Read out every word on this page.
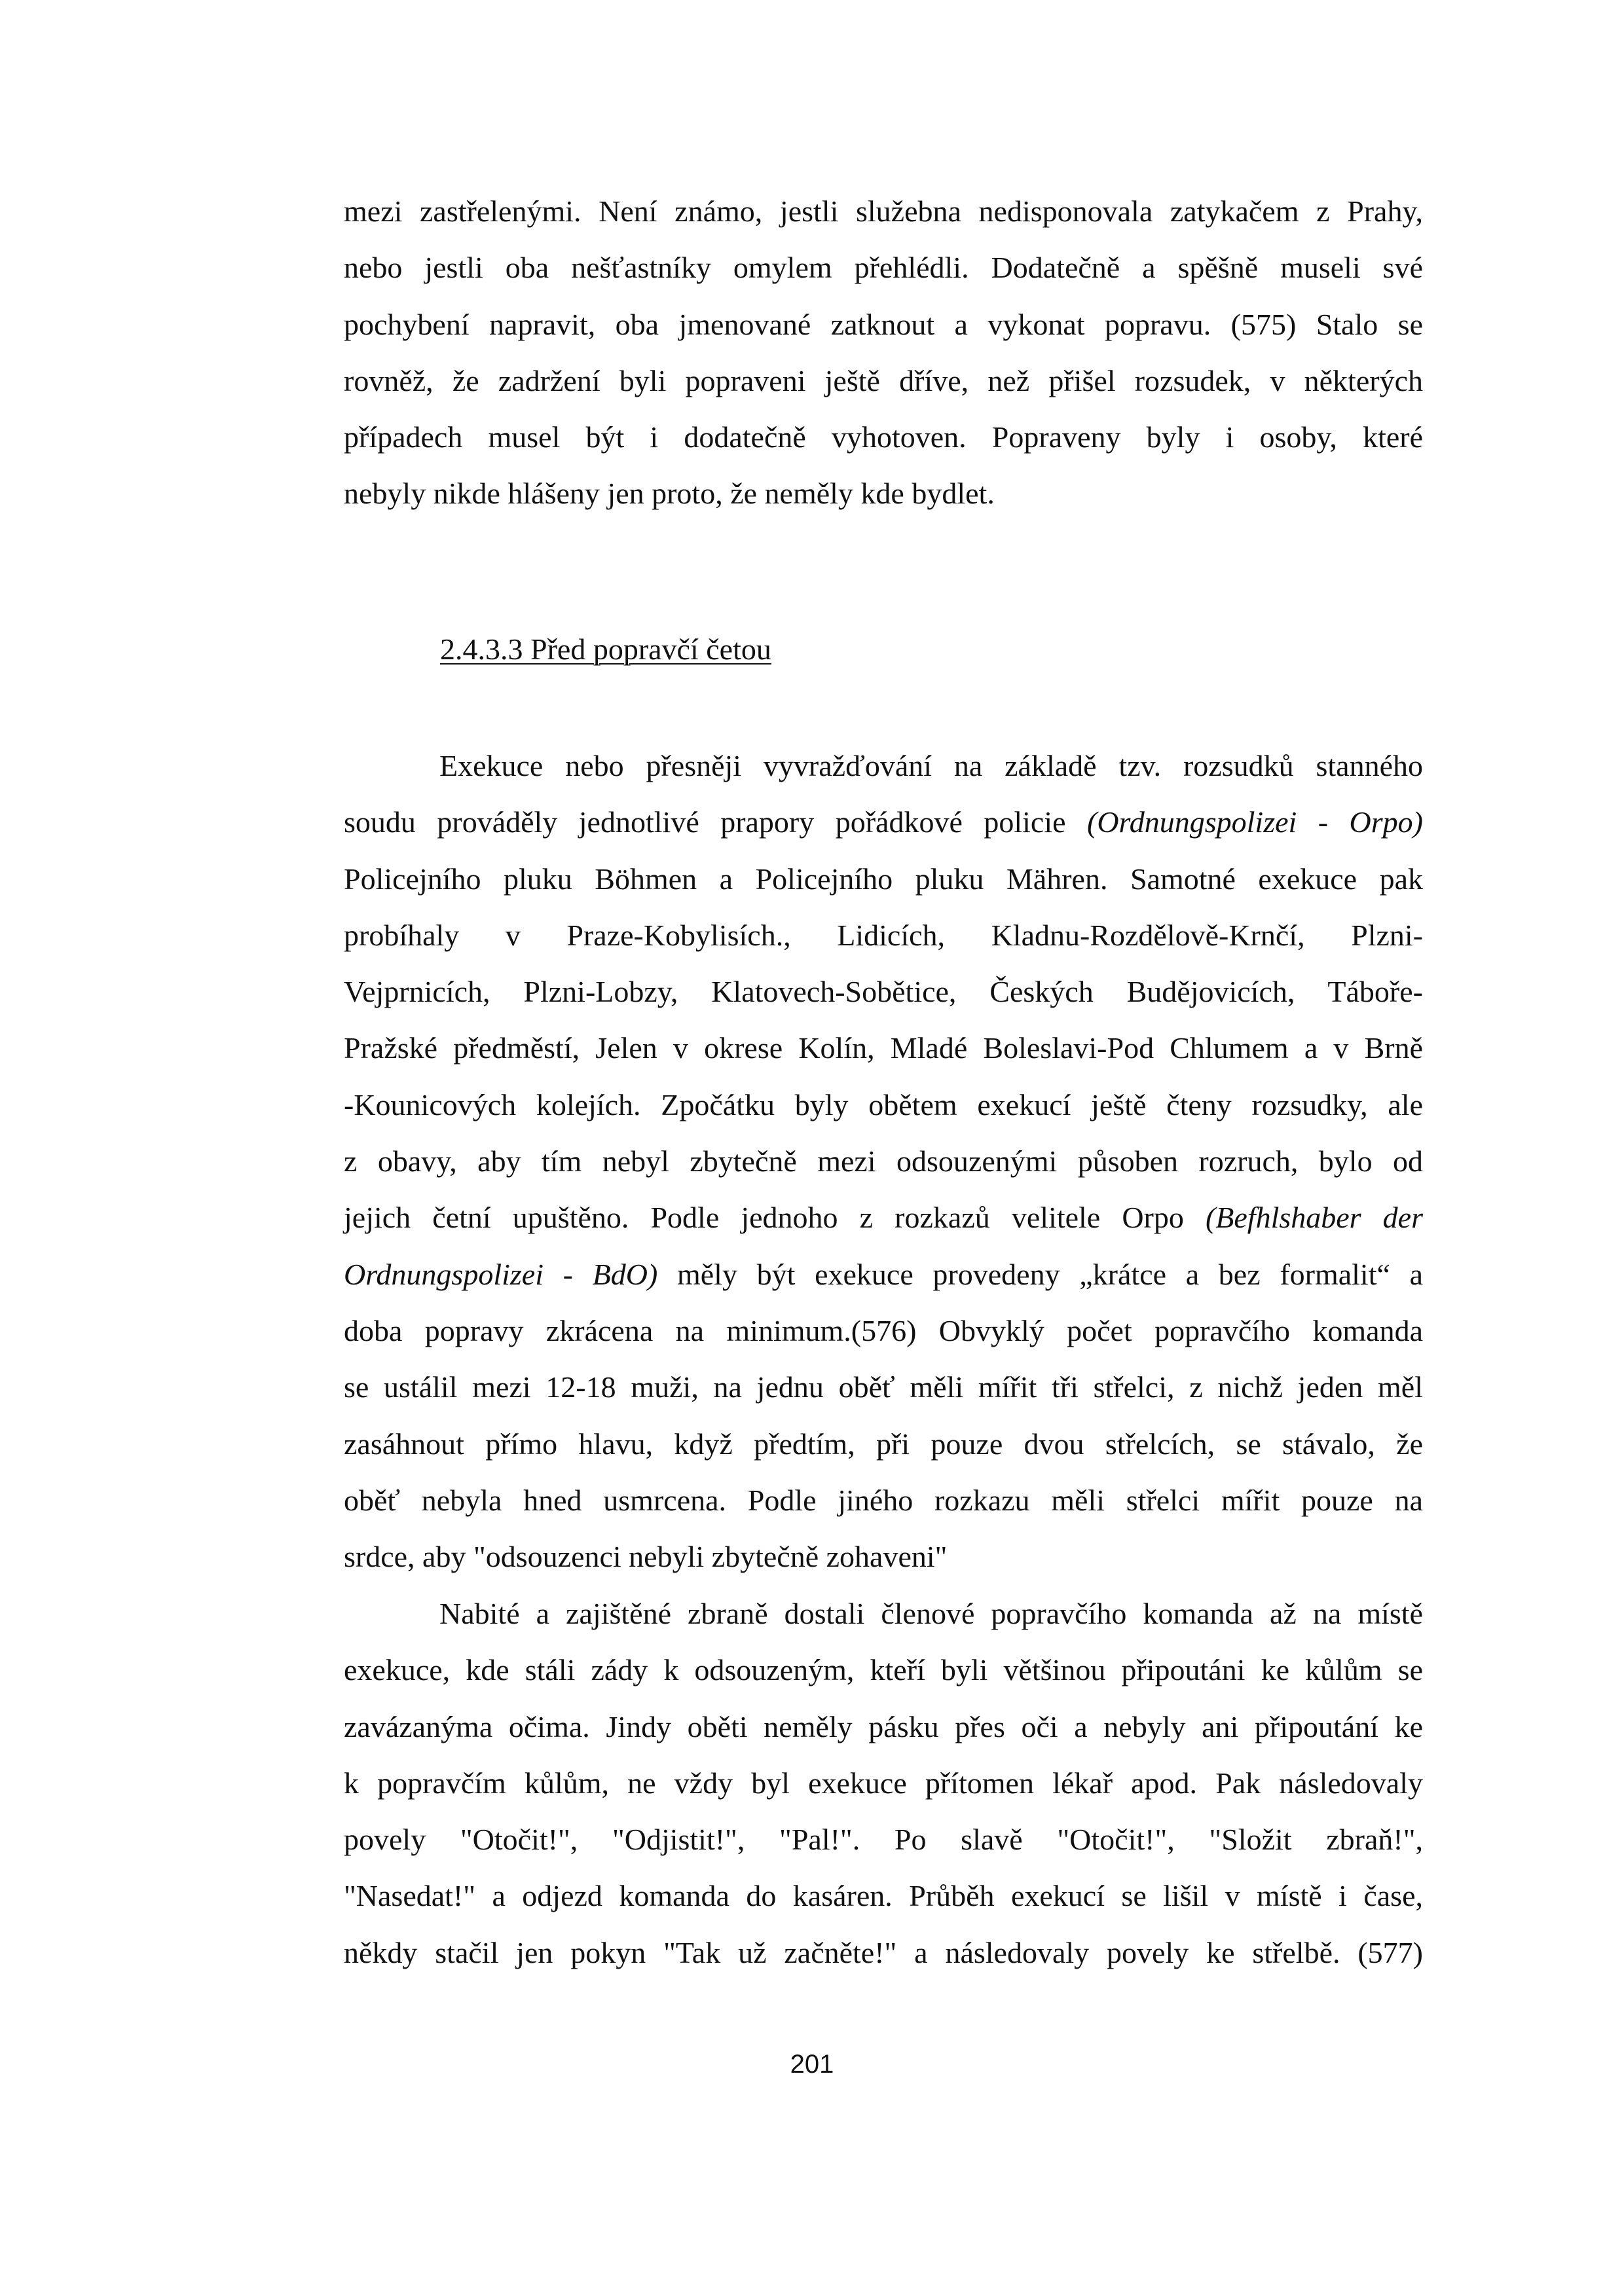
mezi zastřelenými. Není známo, jestli služebna nedisponovala zatykačem z Prahy,
nebo jestli oba nešťastníky omylem přehlédli. Dodatečně a spěšně museli své
pochybení napravit, oba jmenované zatknout a vykonat popravu. (575) Stalo se
rovněž, že zadržení byli popraveni ještě dříve, než přišel rozsudek, v některých
případech musel být i dodatečně vyhotoven. Popraveny byly i osoby, které
nebyly nikde hlášeny jen proto, že neměly kde bydlet.
2.4.3.3 Před popravčí četou
Exekuce nebo přesněji vyvražďování na základě tzv. rozsudků stanného
soudu prováděly jednotlivé prapory pořádkové policie (Ordnungspolizei - Orpo)
Policejního pluku Böhmen a Policejního pluku Mähren. Samotné exekuce pak
probíhaly v Praze-Kobylisích., Lidicích, Kladnu-Rozdělově-Krnčí, Plzni-
Vejprnicích, Plzni-Lobzy, Klatovech-Sobětice, Českých Budějovicích, Táboře-
Pražské předměstí, Jelen v okrese Kolín, Mladé Boleslavi-Pod Chlumem a v Brně
-Kounicových kolejích. Zpočátku byly obětem exekucí ještě čteny rozsudky, ale
z obavy, aby tím nebyl zbytečně mezi odsouzenými působen rozruch, bylo od
jejich četní upuštěno. Podle jednoho z rozkazů velitele Orpo (Befhlshaber der
Ordnungspolizei - BdO) měly být exekuce provedeny „krátce a bez formalit“ a
doba popravy zkrácena na minimum.(576) Obvyklý počet popravčího komanda
se ustálil mezi 12-18 muži, na jednu oběť měli mířit tři střelci, z nichž jeden měl
zasáhnout přímo hlavu, když předtím, při pouze dvou střelcích, se stávalo, že
oběť nebyla hned usmrcena. Podle jiného rozkazu měli střelci mířit pouze na
srdce, aby "odsouzenci nebyli zbytečně zohaveni"
Nabité a zajištěné zbraně dostali členové popravčího komanda až na místě
exekuce, kde stáli zády k odsouzeným, kteří byli většinou připoutáni ke kůlům se
zavázanýma očima. Jindy oběti neměly pásku přes oči a nebyly ani připoutání ke
k popravčím kůlům, ne vždy byl exekuce přítomen lékař apod. Pak následovaly
povely "Otočit!", "Odjistit!", "Pal!". Po slavě "Otočit!", "Složit zbraň!",
"Nasedat!" a odjezd komanda do kasáren. Průběh exekucí se lišil v místě i čase,
někdy stačil jen pokyn "Tak už začněte!" a následovaly povely ke střelbě. (577)
201
